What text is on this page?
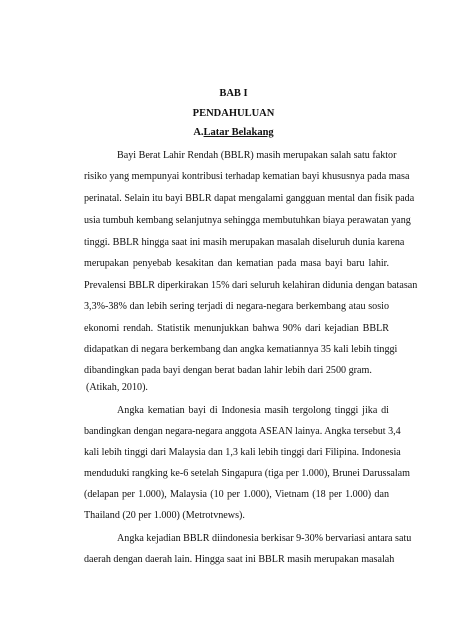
BAB I
PENDAHULUAN
A.Latar Belakang
Bayi Berat Lahir Rendah (BBLR) masih merupakan salah satu faktor
risiko yang mempunyai kontribusi terhadap kematian bayi khususnya pada masa
perinatal. Selain itu bayi BBLR dapat mengalami gangguan mental dan fisik pada
usia tumbuh kembang selanjutnya sehingga membutuhkan biaya perawatan yang
tinggi. BBLR hingga saat ini masih merupakan masalah diseluruh dunia karena
merupakan penyebab kesakitan dan kematian pada masa bayi baru lahir.
Prevalensi BBLR diperkirakan 15% dari seluruh kelahiran didunia dengan batasan
3,3%-38% dan lebih sering terjadi di negara-negara berkembang atau sosio
ekonomi rendah. Statistik menunjukkan bahwa 90% dari kejadian BBLR
didapatkan di negara berkembang dan angka kematiannya 35 kali lebih tinggi
dibandingkan pada bayi dengan berat badan lahir lebih dari 2500 gram.
(Atikah, 2010).
Angka kematian bayi di Indonesia masih tergolong tinggi jika di
bandingkan dengan negara-negara anggota ASEAN lainya. Angka tersebut 3,4
kali lebih tinggi dari Malaysia dan 1,3 kali lebih tinggi dari Filipina. Indonesia
menduduki rangking ke-6 setelah Singapura (tiga per 1.000), Brunei Darussalam
(delapan per 1.000), Malaysia (10 per 1.000), Vietnam (18 per 1.000) dan
Thailand (20 per 1.000) (Metrotvnews).
Angka kejadian BBLR diindonesia berkisar 9-30% bervariasi antara satu
daerah dengan daerah lain. Hingga saat ini BBLR masih merupakan masalah
